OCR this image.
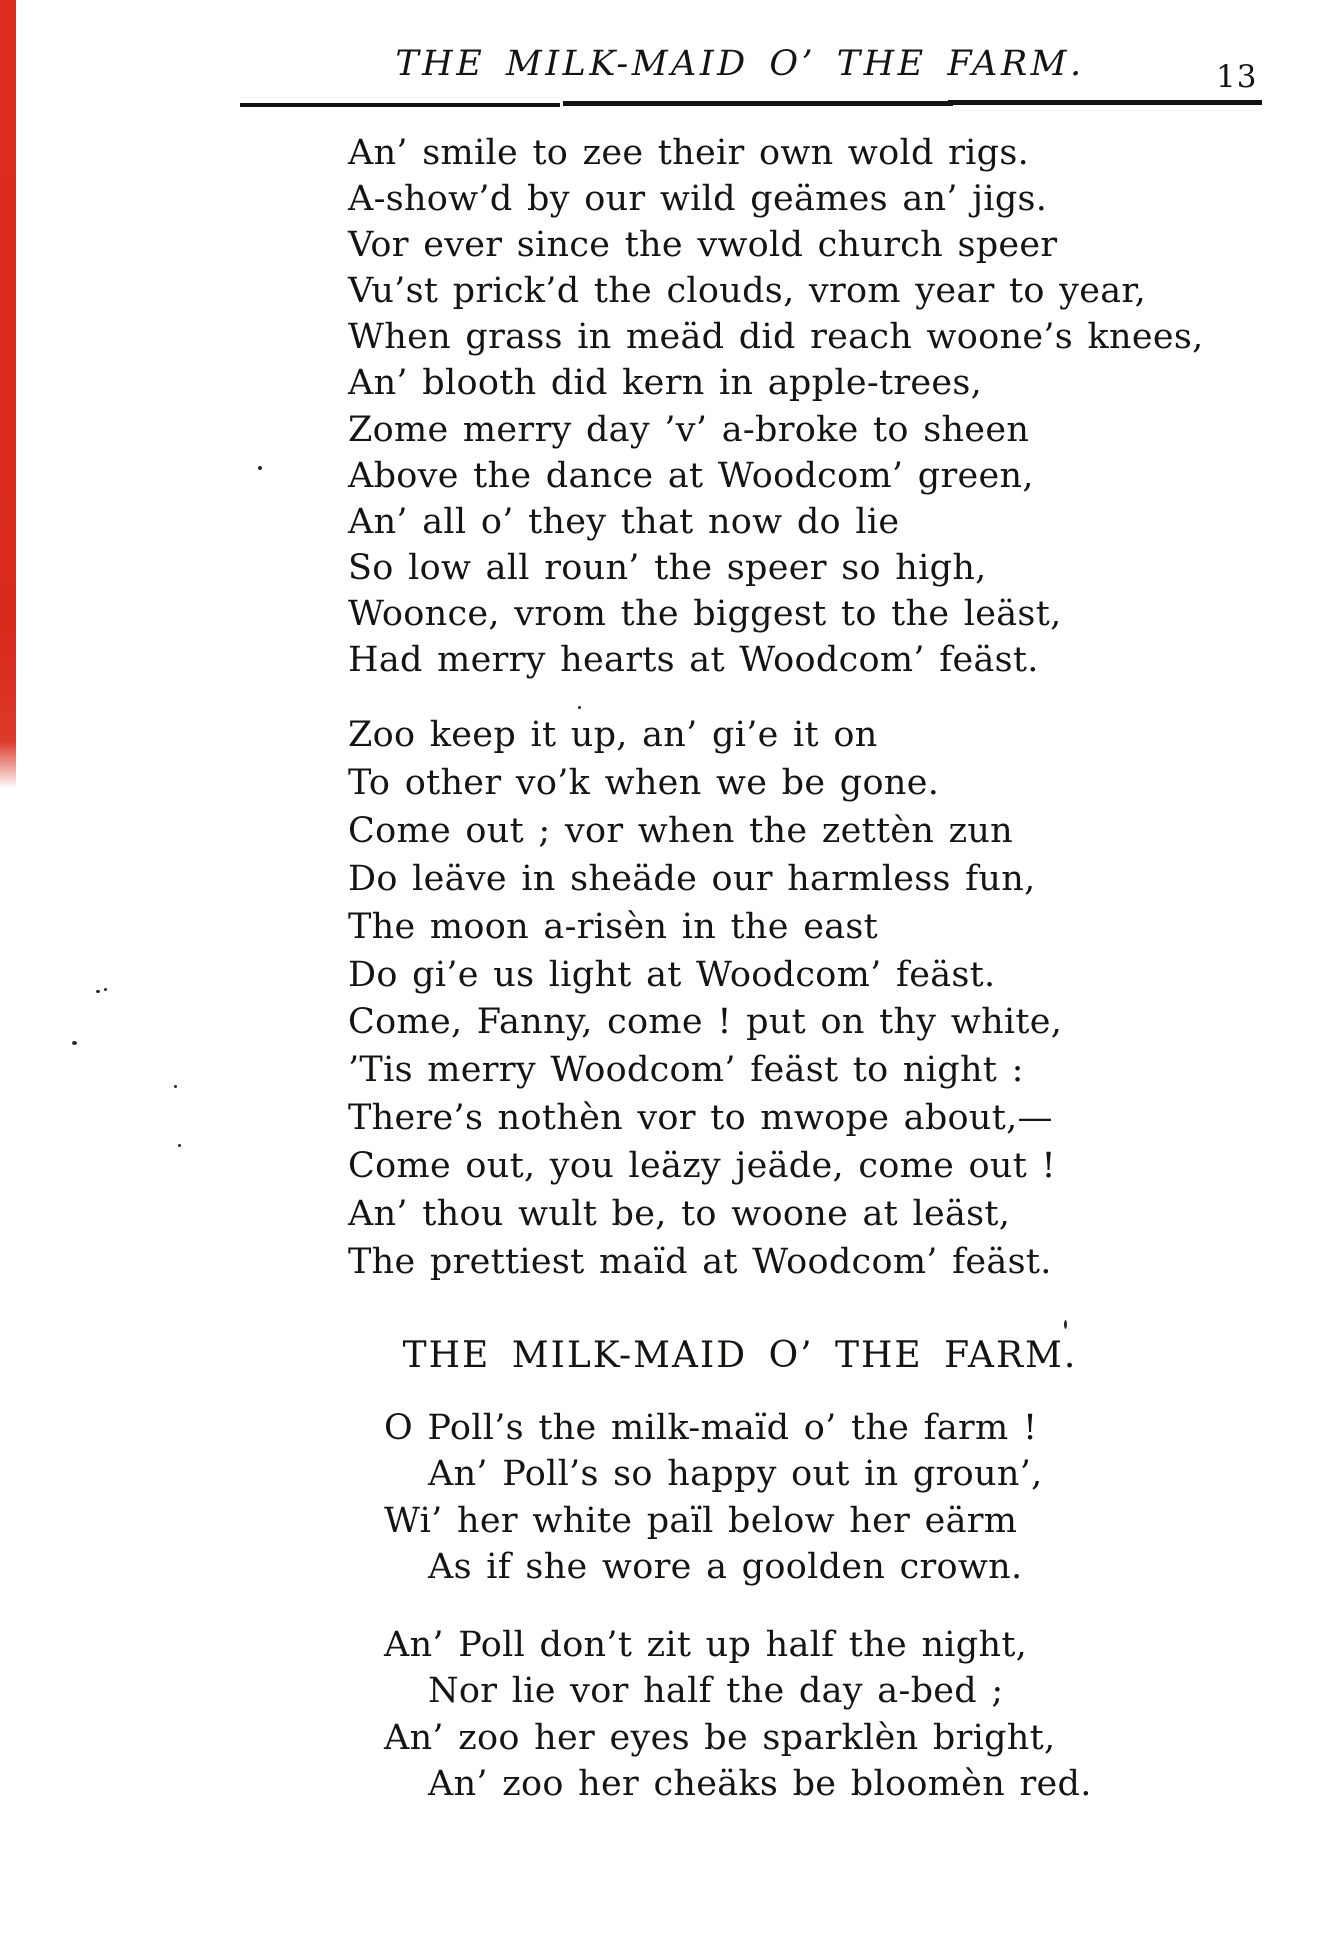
THE MILK-MAID O’ THE FARM.	13
An’ smile to zee their own wold rigs.
A-show’d by our wild geämes an’ jigs.
Vor ever since the vwold church speer
Vu’st prick’d the clouds, vrom year to year,
When grass in meäd did reach woone’s knees,
An’ blooth did kern in apple-trees,
Zome merry day ’v’ a-broke to sheen
Above the dance at Woodcom’ green,
An’ all o’ they that now do lie
So low all roun’ the speer so high,
Woonce, vrom the biggest to the leäst,
Had merry hearts at Woodcom’ feäst.
Zoo keep it up, an’ gi’e it on
To other vo’k when we be gone.
Come out ; vor when the zettèn zun
Do leäve in sheäde our harmless fun,
The moon a-risèn in the east
Do gi’e us light at Woodcom’ feäst.
Come, Fanny, come ! put on thy white,
’Tis merry Woodcom’ feäst to night :
There’s nothèn vor to mwope about,—
Come out, you leäzy jeäde, come out !
An’ thou wult be, to woone at leäst,
The prettiest maïd at Woodcom’ feäst.
THE MILK-MAID O’ THE FARM.
O Poll’s the milk-maïd o’ the farm !
An’ Poll’s so happy out in groun’,
Wi’ her white païl below her eärm
As if she wore a goolden crown.
An’ Poll don’t zit up half the night,
Nor lie vor half the day a-bed ;
An’ zoo her eyes be sparklèn bright,
An’ zoo her cheäks be bloomèn red.
